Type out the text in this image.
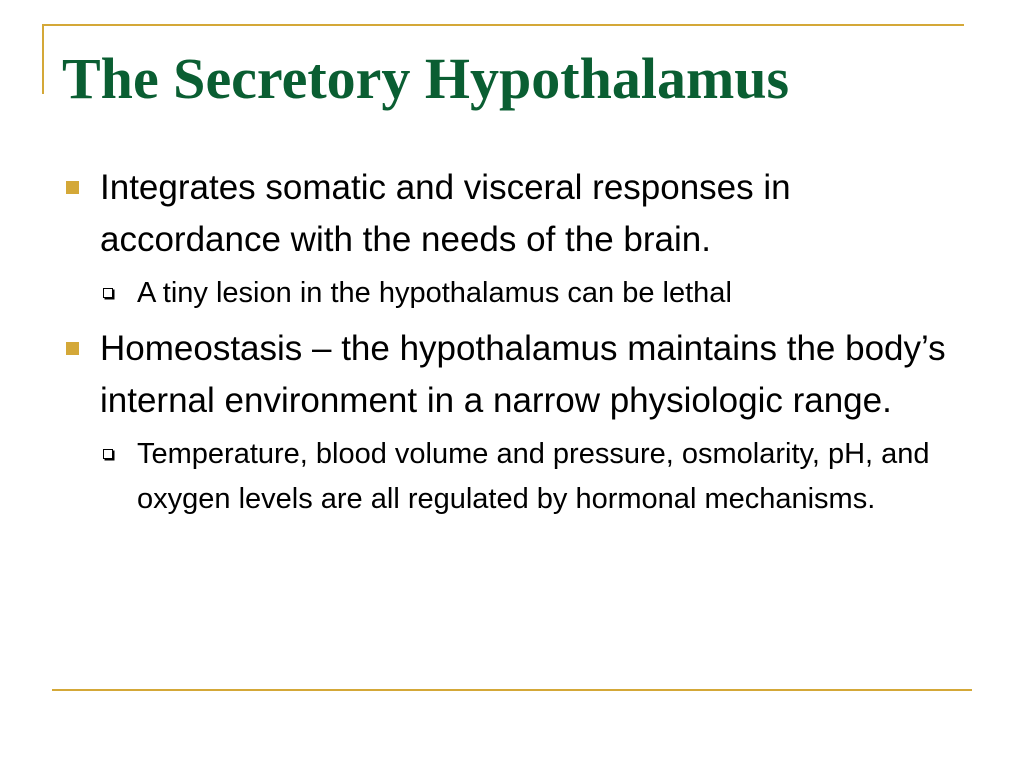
The Secretory Hypothalamus
Integrates somatic and visceral responses in accordance with the needs of the brain.
A tiny lesion in the hypothalamus can be lethal
Homeostasis – the hypothalamus maintains the body’s internal environment in a narrow physiologic range.
Temperature, blood volume and pressure, osmolarity, pH, and oxygen levels are all regulated by hormonal mechanisms.
